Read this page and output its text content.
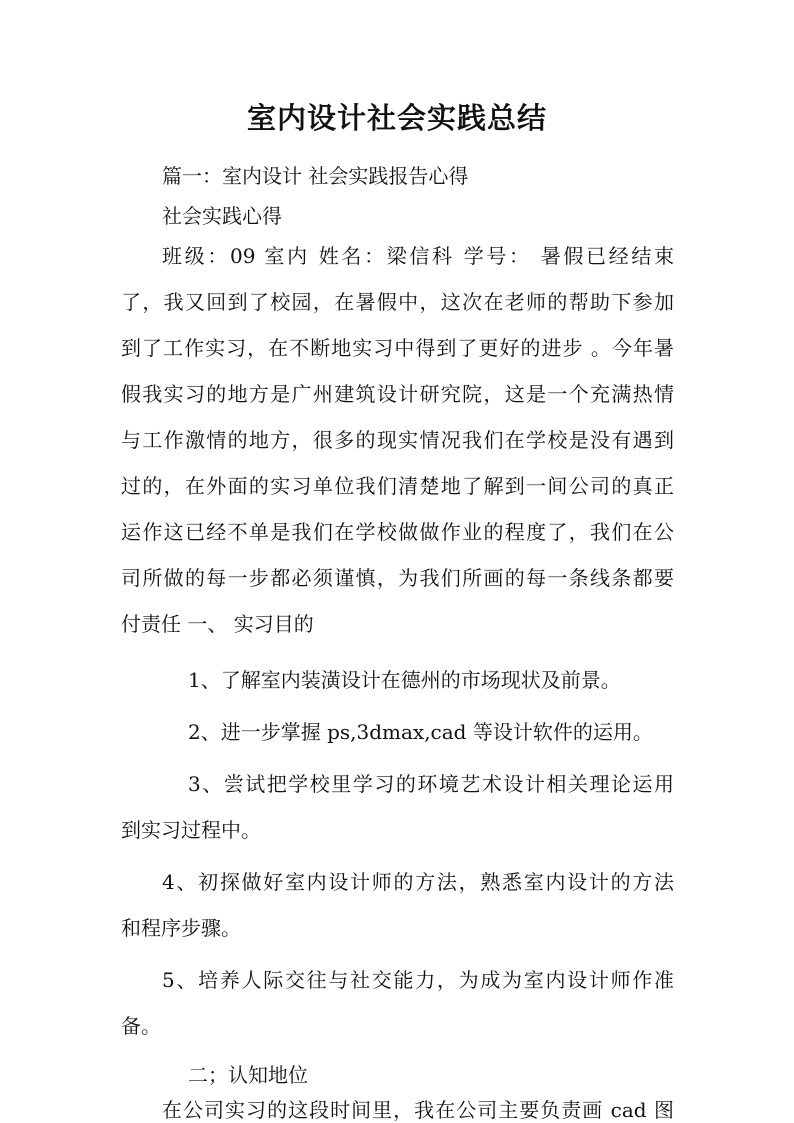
室内设计社会实践总结
篇一：室内设计 社会实践报告心得
社会实践心得
班级：09 室内 姓名：梁信科 学号： 暑假已经结束
了，我又回到了校园，在暑假中，这次在老师的帮助下参加
到了工作实习，在不断地实习中得到了更好的进步 。今年暑
假我实习的地方是广州建筑设计研究院，这是一个充满热情
与工作激情的地方，很多的现实情况我们在学校是没有遇到
过的，在外面的实习单位我们清楚地了解到一间公司的真正
运作这已经不单是我们在学校做做作业的程度了，我们在公
司所做的每一步都必须谨慎，为我们所画的每一条线条都要
付责任 一、 实习目的
1、了解室内装潢设计在德州的市场现状及前景。
2、进一步掌握 ps,3dmax,cad 等设计软件的运用。
3、尝试把学校里学习的环境艺术设计相关理论运用
到实习过程中。
4、初探做好室内设计师的方法，熟悉室内设计的方法
和程序步骤。
5、培养人际交往与社交能力，为成为室内设计师作准
备。
二；认知地位
在公司实习的这段时间里，我在公司主要负责画 cad 图
